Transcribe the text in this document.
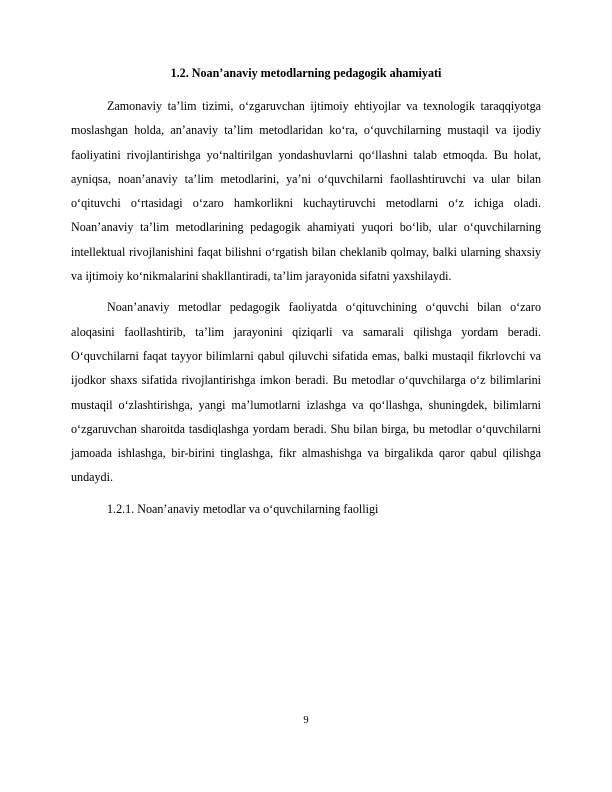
1.2. Noan’anaviy metodlarning pedagogik ahamiyati

Zamonaviy ta’lim tizimi, o‘zgaruvchan ijtimoiy ehtiyojlar va texnologik taraqqiyotga moslashgan holda, an’anaviy ta’lim metodlaridan ko‘ra, o‘quvchilarning mustaqil va ijodiy faoliyatini rivojlantirishga yo‘naltirilgan yondashuvlarni qo‘llashni talab etmoqda. Bu holat, ayniqsa, noan’anaviy ta’lim metodlarini, ya’ni o‘quvchilarni faollashtiruvchi va ular bilan o‘qituvchi o‘rtasidagi o‘zaro hamkorlikni kuchaytiruvchi metodlarni o‘z ichiga oladi. Noan’anaviy ta’lim metodlarining pedagogik ahamiyati yuqori bo‘lib, ular o‘quvchilarning intellektual rivojlanishini faqat bilishni o‘rgatish bilan cheklanib qolmay, balki ularning shaxsiy va ijtimoiy ko‘nikmalarini shakllantiradi, ta’lim jarayonida sifatni yaxshilaydi.

Noan’anaviy metodlar pedagogik faoliyatda o‘qituvchining o‘quvchi bilan o‘zaro aloqasini faollashtirib, ta’lim jarayonini qiziqarli va samarali qilishga yordam beradi. O‘quvchilarni faqat tayyor bilimlarni qabul qiluvchi sifatida emas, balki mustaqil fikrlovchi va ijodkor shaxs sifatida rivojlantirishga imkon beradi. Bu metodlar o‘quvchilarga o‘z bilimlarini mustaqil o‘zlashtirishga, yangi ma’lumotlarni izlashga va qo‘llashga, shuningdek, bilimlarni o‘zgaruvchan sharoitda tasdiqlashga yordam beradi. Shu bilan birga, bu metodlar o‘quvchilarni jamoada ishlashga, bir-birini tinglashga, fikr almashishga va birgalikda qaror qabul qilishga undaydi.

1.2.1. Noan’anaviy metodlar va o‘quvchilarning faolligi

9
